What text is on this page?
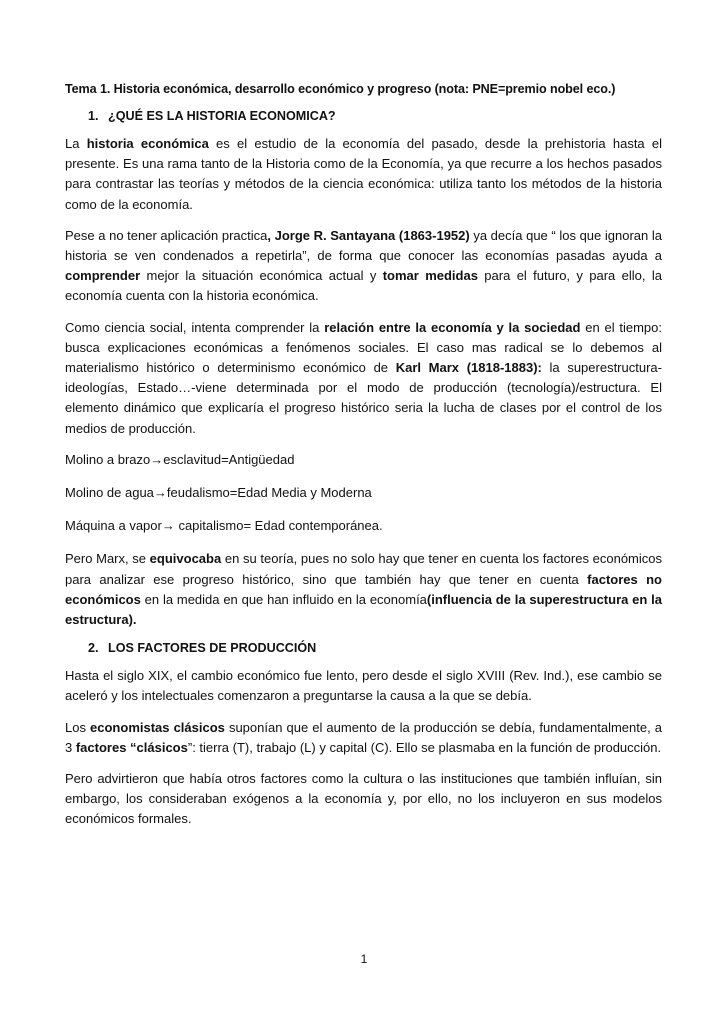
Tema 1. Historia económica, desarrollo económico y progreso (nota: PNE=premio nobel eco.)
1. ¿QUÉ ES LA HISTORIA ECONOMICA?

La historia económica es el estudio de la economía del pasado, desde la prehistoria hasta el presente. Es una rama tanto de la Historia como de la Economía, ya que recurre a los hechos pasados para contrastar las teorías y métodos de la ciencia económica: utiliza tanto los métodos de la historia como de la economía.

Pese a no tener aplicación practica, Jorge R. Santayana (1863-1952) ya decía que “ los que ignoran la historia se ven condenados a repetirla”, de forma que conocer las economías pasadas ayuda a comprender mejor la situación económica actual y tomar medidas para el futuro, y para ello, la economía cuenta con la historia económica.

Como ciencia social, intenta comprender la relación entre la economía y la sociedad en el tiempo: busca explicaciones económicas a fenómenos sociales. El caso mas radical se lo debemos al materialismo histórico o determinismo económico de Karl Marx (1818-1883): la superestructura-ideologías, Estado…-viene determinada por el modo de producción (tecnología)/estructura. El elemento dinámico que explicaría el progreso histórico seria la lucha de clases por el control de los medios de producción.

Molino a brazo→esclavitud=Antigüedad

Molino de agua→feudalismo=Edad Media y Moderna

Máquina a vapor→ capitalismo= Edad contemporánea.

Pero Marx, se equivocaba en su teoría, pues no solo hay que tener en cuenta los factores económicos para analizar ese progreso histórico, sino que también hay que tener en cuenta factores no económicos en la medida en que han influido en la economía(influencia de la superestructura en la estructura).

2. LOS FACTORES DE PRODUCCIÓN

Hasta el siglo XIX, el cambio económico fue lento, pero desde el siglo XVIII (Rev. Ind.), ese cambio se aceleró y los intelectuales comenzaron a preguntarse la causa a la que se debía.

Los economistas clásicos suponían que el aumento de la producción se debía, fundamentalmente, a 3 factores “clásicos”: tierra (T), trabajo (L) y capital (C). Ello se plasmaba en la función de producción.

Pero advirtieron que había otros factores como la cultura o las instituciones que también influían, sin embargo, los consideraban exógenos a la economía y, por ello, no los incluyeron en sus modelos económicos formales.

1
